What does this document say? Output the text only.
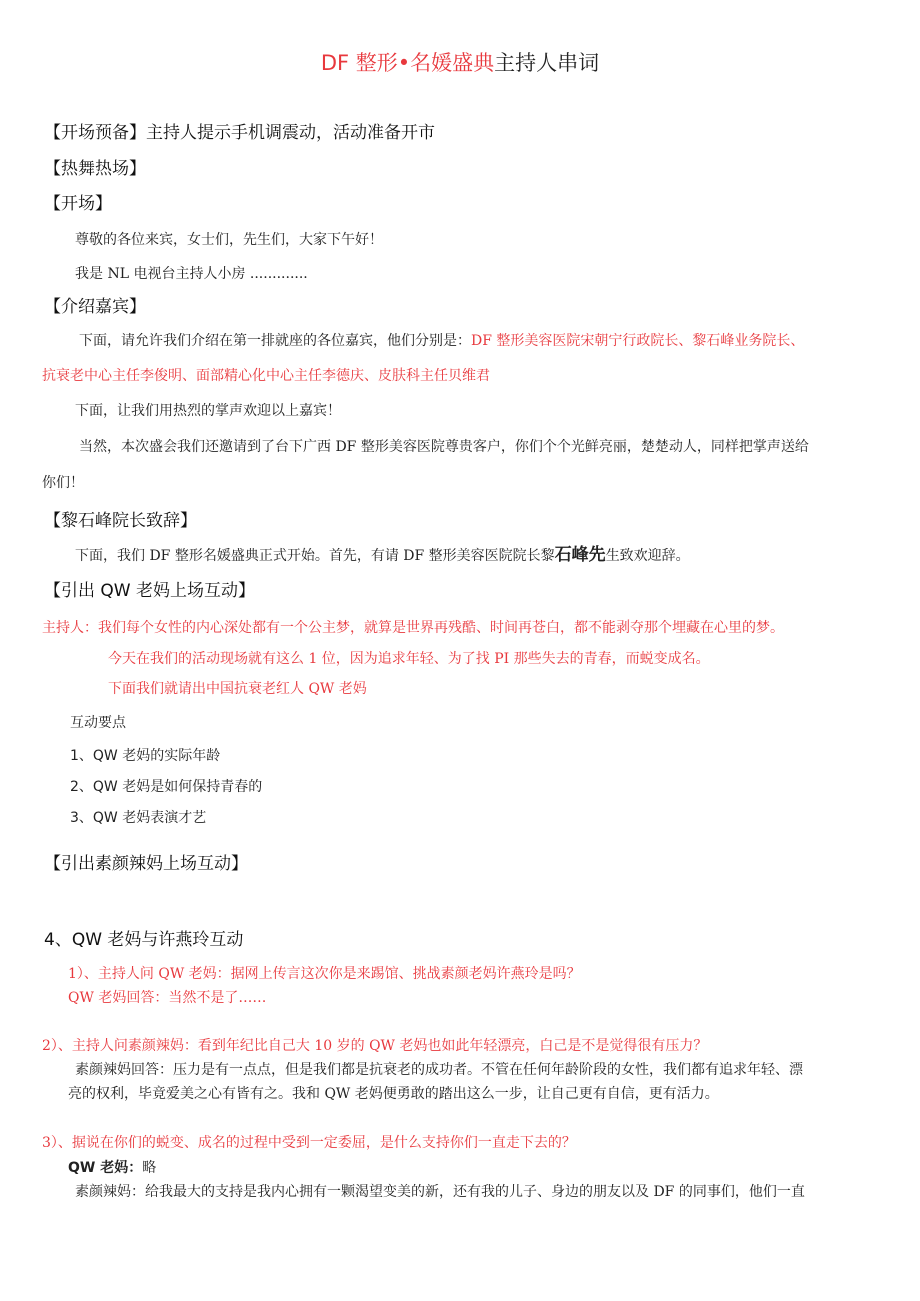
DF 整形•名媛盛典主持人串词
【开场预备】主持人提示手机调震动，活动准备开市
【热舞热场】
【开场】
尊敬的各位来宾，女士们，先生们，大家下午好！
我是 NL 电视台主持人小房 .............
【介绍嘉宾】
下面，请允许我们介绍在第一排就座的各位嘉宾，他们分别是：DF 整形美容医院宋朝宁行政院长、黎石峰业务院长、
抗衰老中心主任李俊明、面部精心化中心主任李德庆、皮肤科主任贝维君
下面，让我们用热烈的掌声欢迎以上嘉宾！
当然，本次盛会我们还邀请到了台下广西 DF 整形美容医院尊贵客户，你们个个光鲜亮丽，楚楚动人，同样把掌声送给
你们！
【黎石峰院长致辞】
下面，我们 DF 整形名媛盛典正式开始。首先，有请 DF 整形美容医院院长黎石峰先生致欢迎辞。
【引出 QW 老妈上场互动】
主持人：我们每个女性的内心深处都有一个公主梦，就算是世界再残酷、时间再苍白，都不能剥夺那个埋藏在心里的梦。
今天在我们的活动现场就有这么 1 位，因为追求年轻、为了找 PI 那些失去的青春，而蜕变成名。
下面我们就请出中国抗衰老红人 QW 老妈
互动要点
1、QW 老妈的实际年龄
2、QW 老妈是如何保持青春的
3、QW 老妈表演才艺
【引出素颜辣妈上场互动】
4、QW 老妈与许燕玲互动
1）、主持人问 QW 老妈：据网上传言这次你是来踢馆、挑战素颜老妈许燕玲是吗？
QW 老妈回答：当然不是了……
2）、主持人问素颜辣妈：看到年纪比自己大 10 岁的 QW 老妈也如此年轻漂亮，白己是不是觉得很有压力？
素颜辣妈回答：压力是有一点点，但是我们都是抗衰老的成功者。不管在任何年龄阶段的女性，我们都有追求年轻、漂
亮的权利，毕竟爱美之心有皆有之。我和 QW 老妈便勇敢的踏出这么一步，让自己更有自信，更有活力。
3）、据说在你们的蜕变、成名的过程中受到一定委屈，是什么支持你们一直走下去的？
QW 老妈：略
素颜辣妈：给我最大的支持是我内心拥有一颗渴望变美的新，还有我的儿子、身边的朋友以及 DF 的同事们，他们一直
